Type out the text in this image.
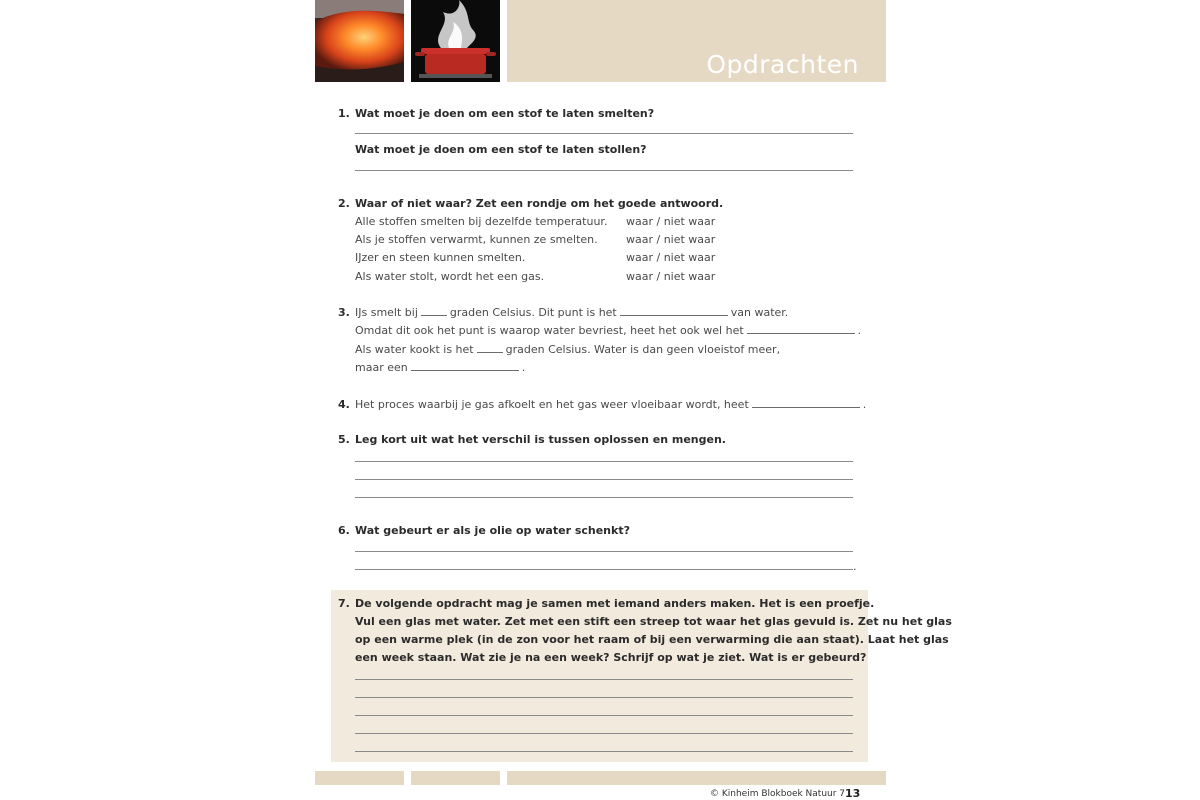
Opdrachten
1. Wat moet je doen om een stof te laten smelten?
Wat moet je doen om een stof te laten stollen?
2. Waar of niet waar? Zet een rondje om het goede antwoord.
Alle stoffen smelten bij dezelfde temperatuur. waar / niet waar
Als je stoffen verwarmt, kunnen ze smelten.	waar / niet waar
IJzer en steen kunnen smelten.	waar / niet waar
Als water stolt, wordt het een gas.	waar / niet waar
3. IJs smelt bij	graden Celsius. Dit punt is het	van water.
Omdat dit ook het punt is waarop water bevriest, heet het ook wel het	.
Als water kookt is het	graden Celsius. Water is dan geen vloeistof meer,
maar een	.
4. Het proces waarbij je gas afkoelt en het gas weer vloeibaar wordt, heet	.
5. Leg kort uit wat het verschil is tussen oplossen en mengen.
6. Wat gebeurt er als je olie op water schenkt?
.
7. De volgende opdracht mag je samen met iemand anders maken. Het is een proefje.
Vul een glas met water. Zet met een stift een streep tot waar het glas gevuld is. Zet nu het glas
op een warme plek (in de zon voor het raam of bij een verwarming die aan staat). Laat het glas
een week staan. Wat zie je na een week? Schrijf op wat je ziet. Wat is er gebeurd?
© Kinheim Blokboek Natuur 7 13
